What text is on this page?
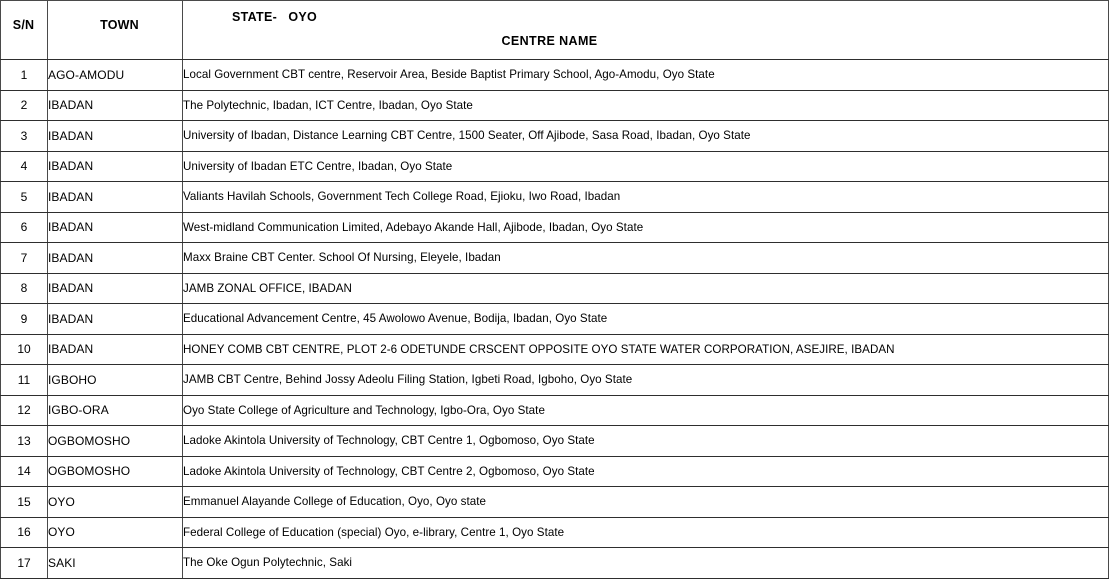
S/N	TOWN	STATE-   OYO
CENTRE NAME

1	AGO-AMODU	Local Government CBT centre, Reservoir Area, Beside Baptist Primary School, Ago-Amodu, Oyo State
2	IBADAN	The Polytechnic, Ibadan, ICT Centre, Ibadan, Oyo State
3	IBADAN	University of Ibadan, Distance Learning CBT Centre, 1500 Seater, Off Ajibode, Sasa Road, Ibadan, Oyo State
4	IBADAN	University of Ibadan ETC Centre, Ibadan, Oyo State
5	IBADAN	Valiants Havilah Schools, Government Tech College Road, Ejioku, Iwo Road, Ibadan
6	IBADAN	West-midland Communication Limited, Adebayo Akande Hall, Ajibode, Ibadan, Oyo State
7	IBADAN	Maxx Braine CBT Center. School Of Nursing, Eleyele, Ibadan
8	IBADAN	JAMB ZONAL OFFICE, IBADAN
9	IBADAN	Educational Advancement Centre, 45 Awolowo Avenue, Bodija, Ibadan, Oyo State
10	IBADAN	HONEY COMB CBT CENTRE, PLOT 2-6 ODETUNDE CRSCENT OPPOSITE OYO STATE WATER CORPORATION, ASEJIRE, IBADAN
11	IGBOHO	JAMB CBT Centre, Behind Jossy Adeolu Filing Station, Igbeti Road, Igboho, Oyo State
12	IGBO-ORA	Oyo State College of Agriculture and Technology, Igbo-Ora, Oyo State
13	OGBOMOSHO	Ladoke Akintola University of Technology, CBT Centre 1, Ogbomoso, Oyo State
14	OGBOMOSHO	Ladoke Akintola University of Technology, CBT Centre 2, Ogbomoso, Oyo State
15	OYO	Emmanuel Alayande College of Education, Oyo, Oyo state
16	OYO	Federal College of Education (special) Oyo, e-library, Centre 1, Oyo State
17	SAKI	The Oke Ogun Polytechnic, Saki
